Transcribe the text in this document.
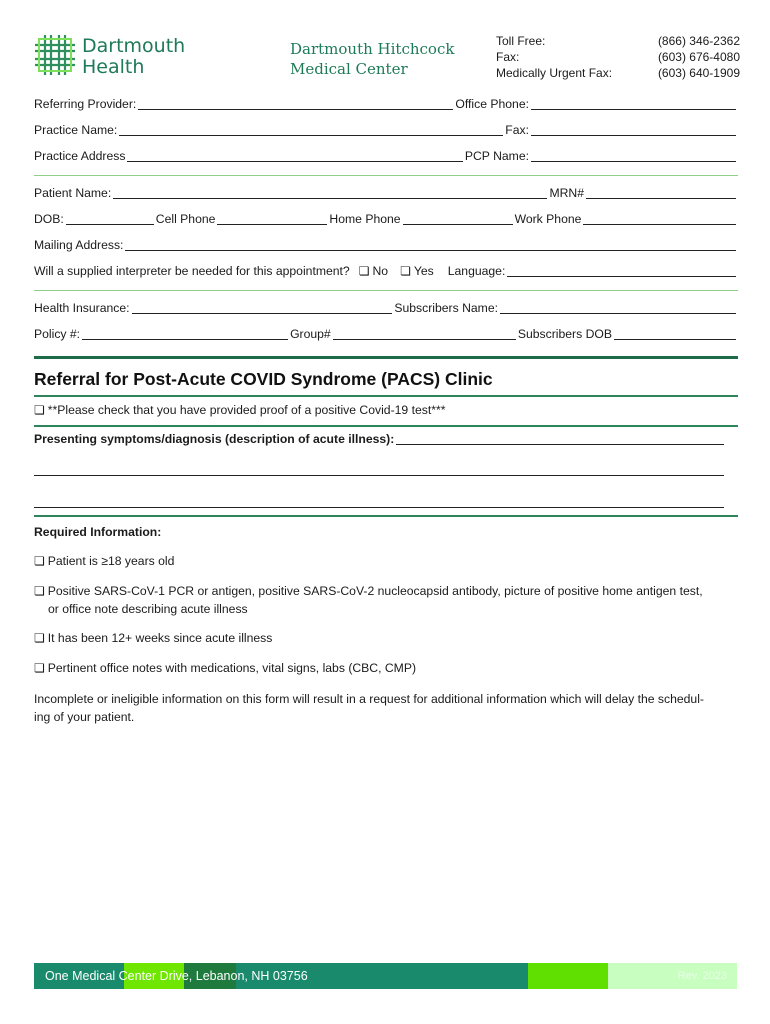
Dartmouth
Health
Dartmouth Hitchcock
Medical Center
Toll Free:	(866) 346-2362
Fax:	(603) 676-4080
Medically Urgent Fax:	(603) 640-1909
Referring Provider:	Office Phone:
Practice Name:	Fax:
Practice Address	PCP Name:
Patient Name:	MRN#
DOB:	Cell Phone	Home Phone	Work Phone
Mailing Address:
Will a supplied interpreter be needed for this appointment? ❏ No ❏ Yes Language:
Health Insurance:	Subscribers Name:
Policy #:	Group#	Subscribers DOB
Referral for Post-Acute COVID Syndrome (PACS) Clinic
❏ **Please check that you have provided proof of a positive Covid-19 test***
Presenting symptoms/diagnosis (description of acute illness):
Required Information:
❏ Patient is ≥18 years old
❏ Positive SARS-CoV-1 PCR or antigen, positive SARS-CoV-2 nucleocapsid antibody, picture of positive home antigen test,
or office note describing acute illness
❏ It has been 12+ weeks since acute illness
❏ Pertinent office notes with medications, vital signs, labs (CBC, CMP)
Incomplete or ineligible information on this form will result in a request for additional information which will delay the schedul-
ing of your patient.
One Medical Center Drive, Lebanon, NH 03756	Rev. 2023
